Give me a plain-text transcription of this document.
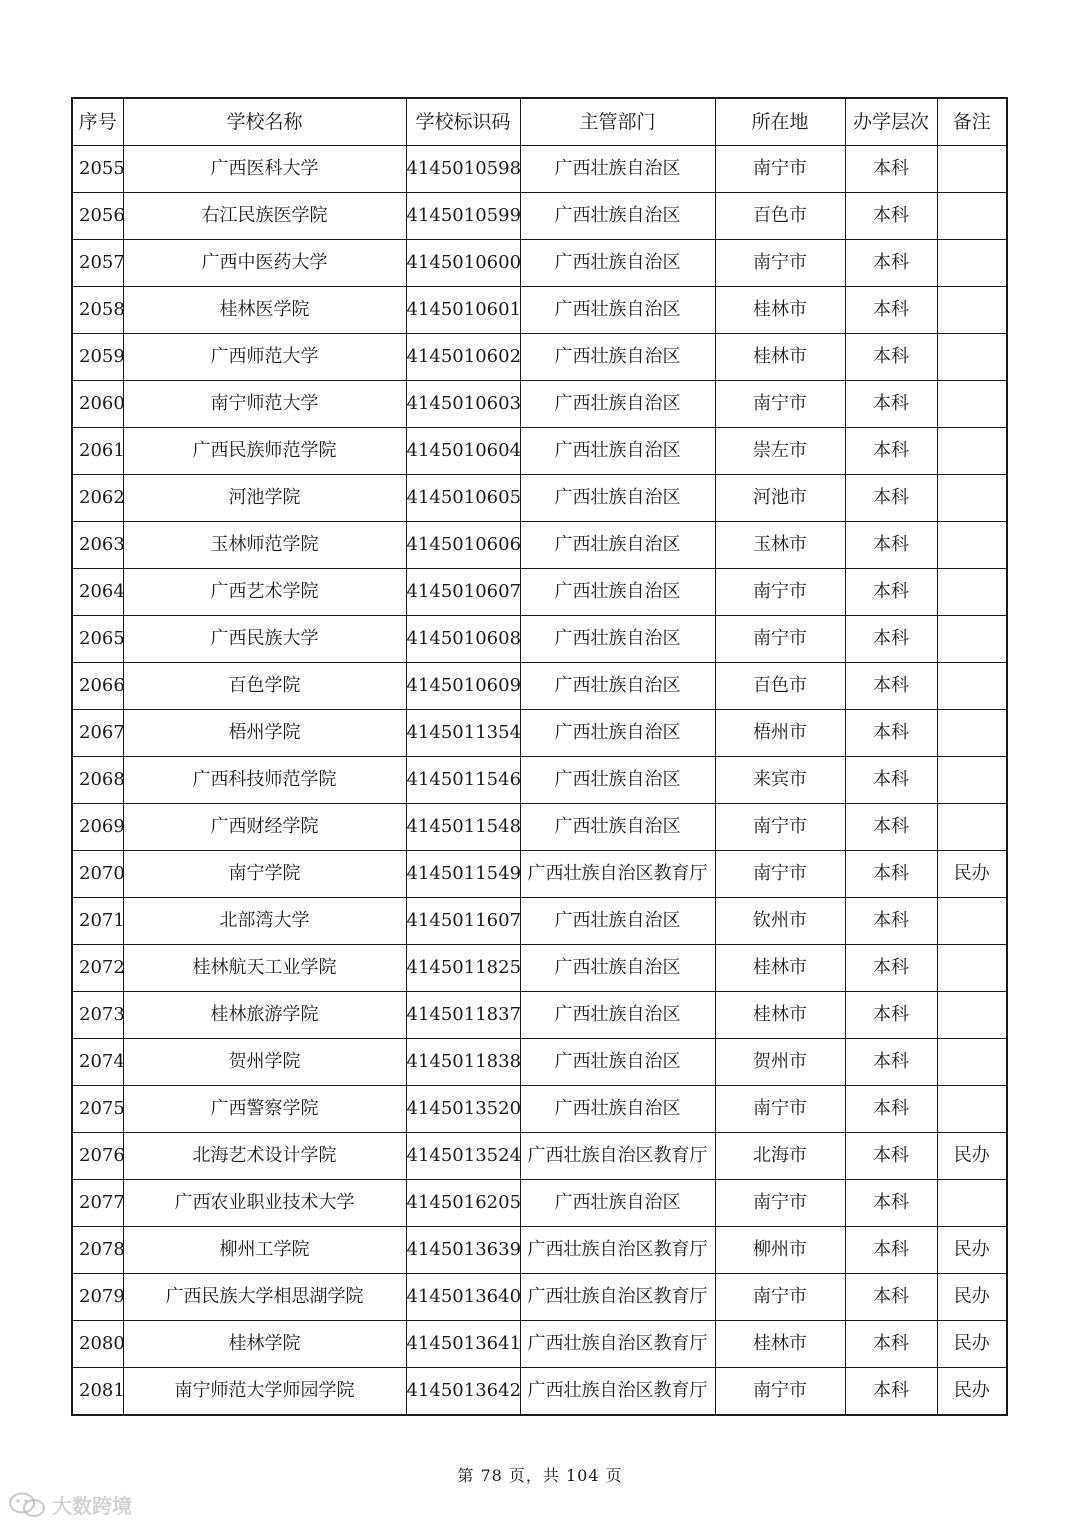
序号	学校名称	学校标识码	主管部门	所在地	办学层次	备注
2055	广西医科大学	4145010598	广西壮族自治区	南宁市	本科	
2056	右江民族医学院	4145010599	广西壮族自治区	百色市	本科	
2057	广西中医药大学	4145010600	广西壮族自治区	南宁市	本科	
2058	桂林医学院	4145010601	广西壮族自治区	桂林市	本科	
2059	广西师范大学	4145010602	广西壮族自治区	桂林市	本科	
2060	南宁师范大学	4145010603	广西壮族自治区	南宁市	本科	
2061	广西民族师范学院	4145010604	广西壮族自治区	崇左市	本科	
2062	河池学院	4145010605	广西壮族自治区	河池市	本科	
2063	玉林师范学院	4145010606	广西壮族自治区	玉林市	本科	
2064	广西艺术学院	4145010607	广西壮族自治区	南宁市	本科	
2065	广西民族大学	4145010608	广西壮族自治区	南宁市	本科	
2066	百色学院	4145010609	广西壮族自治区	百色市	本科	
2067	梧州学院	4145011354	广西壮族自治区	梧州市	本科	
2068	广西科技师范学院	4145011546	广西壮族自治区	来宾市	本科	
2069	广西财经学院	4145011548	广西壮族自治区	南宁市	本科	
2070	南宁学院	4145011549	广西壮族自治区教育厅	南宁市	本科	民办
2071	北部湾大学	4145011607	广西壮族自治区	钦州市	本科	
2072	桂林航天工业学院	4145011825	广西壮族自治区	桂林市	本科	
2073	桂林旅游学院	4145011837	广西壮族自治区	桂林市	本科	
2074	贺州学院	4145011838	广西壮族自治区	贺州市	本科	
2075	广西警察学院	4145013520	广西壮族自治区	南宁市	本科	
2076	北海艺术设计学院	4145013524	广西壮族自治区教育厅	北海市	本科	民办
2077	广西农业职业技术大学	4145016205	广西壮族自治区	南宁市	本科	
2078	柳州工学院	4145013639	广西壮族自治区教育厅	柳州市	本科	民办
2079	广西民族大学相思湖学院	4145013640	广西壮族自治区教育厅	南宁市	本科	民办
2080	桂林学院	4145013641	广西壮族自治区教育厅	桂林市	本科	民办
2081	南宁师范大学师园学院	4145013642	广西壮族自治区教育厅	南宁市	本科	民办
第 78 页，共 104 页
大数跨境
